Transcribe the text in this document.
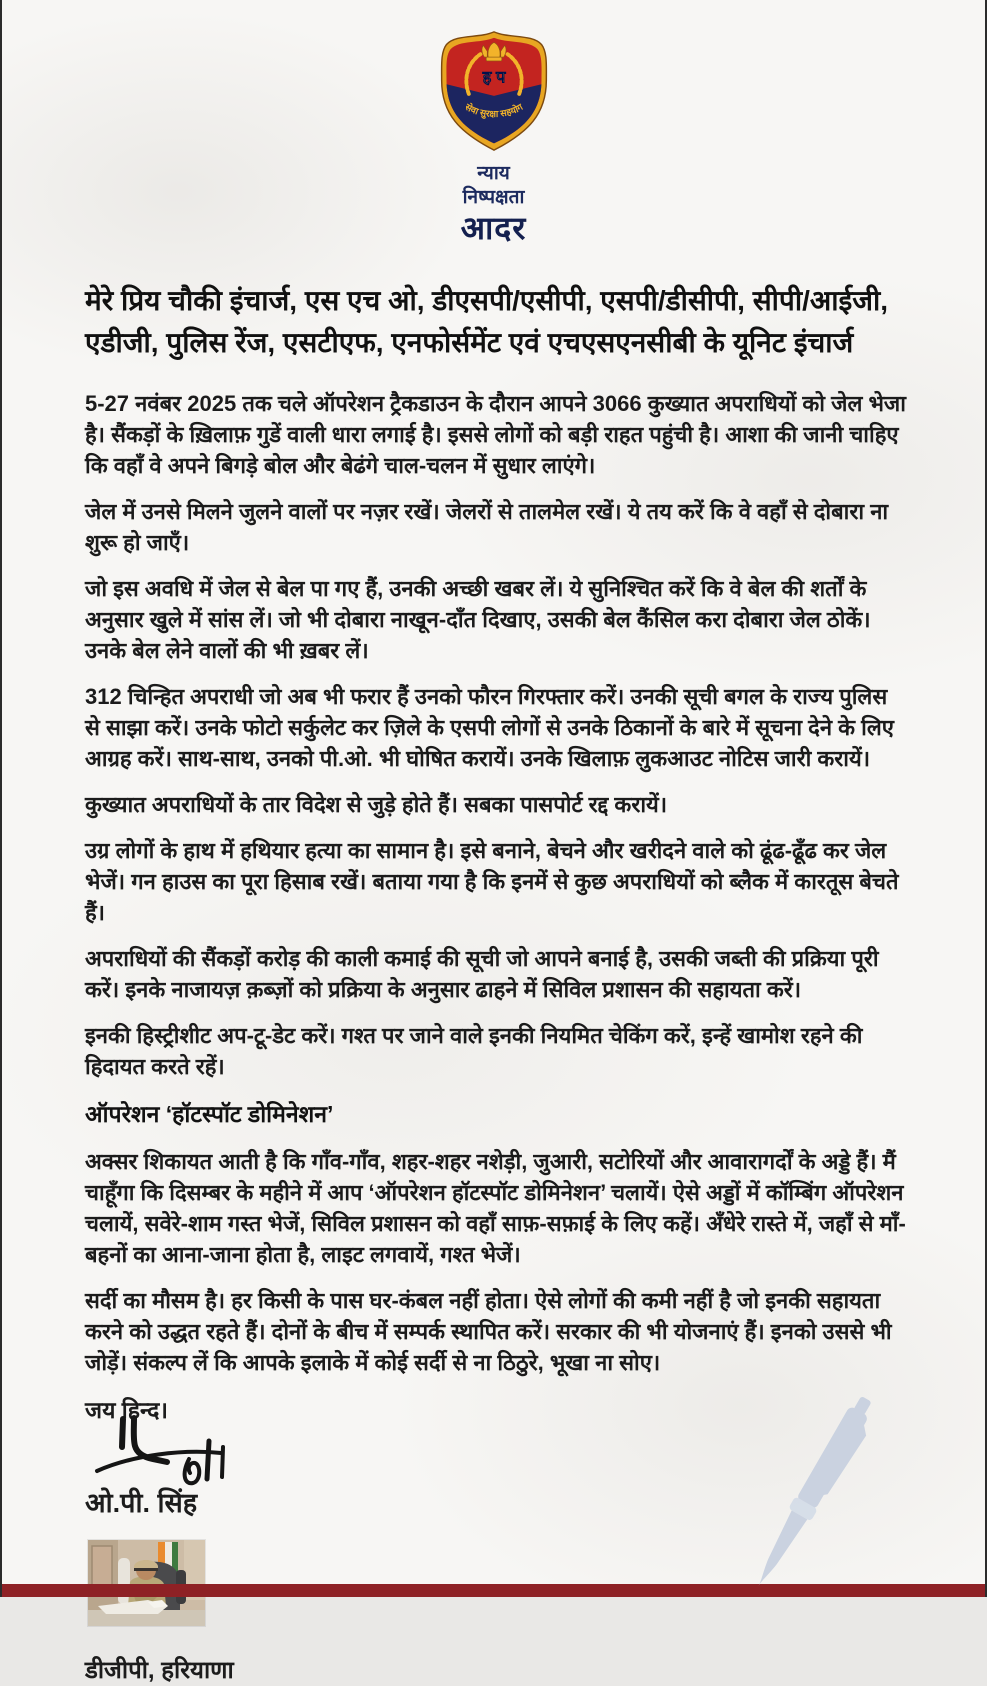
ह प
सेवा सुरक्षा सहयोग
न्याय
निष्पक्षता
आदर
मेरे प्रिय चौकी इंचार्ज, एस एच ओ, डीएसपी/एसीपी, एसपी/डीसीपी, सीपी/आईजी, एडीजी, पुलिस रेंज, एसटीएफ, एनफोर्समेंट एवं एचएसएनसीबी के यूनिट इंचार्ज

5-27 नवंबर 2025 तक चले ऑपरेशन ट्रैकडाउन के दौरान आपने 3066 कुख्यात अपराधियों को जेल भेजा है। सैंकड़ों के ख़िलाफ़ गुडें वाली धारा लगाई है। इससे लोगों को बड़ी राहत पहुंची है। आशा की जानी चाहिए कि वहाँ वे अपने बिगड़े बोल और बेढंगे चाल-चलन में सुधार लाएंगे।

जेल में उनसे मिलने जुलने वालों पर नज़र रखें। जेलरों से तालमेल रखें। ये तय करें कि वे वहाँ से दोबारा ना शुरू हो जाएँ।

जो इस अवधि में जेल से बेल पा गए हैं, उनकी अच्छी खबर लें। ये सुनिश्चित करें कि वे बेल की शर्तों के अनुसार खुले में सांस लें। जो भी दोबारा नाखून-दाँत दिखाए, उसकी बेल कैंसिल करा दोबारा जेल ठोकें। उनके बेल लेने वालों की भी ख़बर लें।

312 चिन्हित अपराधी जो अब भी फरार हैं उनको फौरन गिरफ्तार करें। उनकी सूची बगल के राज्य पुलिस से साझा करें। उनके फोटो सर्कुलेट कर ज़िले के एसपी लोगों से उनके ठिकानों के बारे में सूचना देने के लिए आग्रह करें। साथ-साथ, उनको पी.ओ. भी घोषित करायें। उनके खिलाफ़ लुकआउट नोटिस जारी करायें।

कुख्यात अपराधियों के तार विदेश से जुड़े होते हैं। सबका पासपोर्ट रद्द करायें।

उग्र लोगों के हाथ में हथियार हत्या का सामान है। इसे बनाने, बेचने और खरीदने वाले को ढूंढ-ढूँढ कर जेल भेजें। गन हाउस का पूरा हिसाब रखें। बताया गया है कि इनमें से कुछ अपराधियों को ब्लैक में कारतूस बेचते हैं।

अपराधियों की सैंकड़ों करोड़ की काली कमाई की सूची जो आपने बनाई है, उसकी जब्ती की प्रक्रिया पूरी करें। इनके नाजायज़ क़ब्ज़ों को प्रक्रिया के अनुसार ढाहने में सिविल प्रशासन की सहायता करें।

इनकी हिस्ट्रीशीट अप-टू-डेट करें। गश्त पर जाने वाले इनकी नियमित चेकिंग करें, इन्हें खामोश रहने की हिदायत करते रहें।

ऑपरेशन ‘हॉटस्पॉट डोमिनेशन’

अक्सर शिकायत आती है कि गाँव-गाँव, शहर-शहर नशेड़ी, जुआरी, सटोरियों और आवारागर्दों के अड्डे हैं। मैं चाहूँगा कि दिसम्बर के महीने में आप ‘ऑपरेशन हॉटस्पॉट डोमिनेशन’ चलायें। ऐसे अड्डों में कॉम्बिंग ऑपरेशन चलायें, सवेरे-शाम गस्त भेजें, सिविल प्रशासन को वहाँ साफ़-सफ़ाई के लिए कहें। अँधेरे रास्ते में, जहाँ से माँ-बहनों का आना-जाना होता है, लाइट लगवायें, गश्त भेजें।

सर्दी का मौसम है। हर किसी के पास घर-कंबल नहीं होता। ऐसे लोगों की कमी नहीं है जो इनकी सहायता करने को उद्धत रहते हैं। दोनों के बीच में सम्पर्क स्थापित करें। सरकार की भी योजनाएं हैं। इनको उससे भी जोड़ें। संकल्प लें कि आपके इलाके में कोई सर्दी से ना ठिठुरे, भूखा ना सोए।

जय हिन्द।
ओ.पी. सिंह
डीजीपी, हरियाणा
